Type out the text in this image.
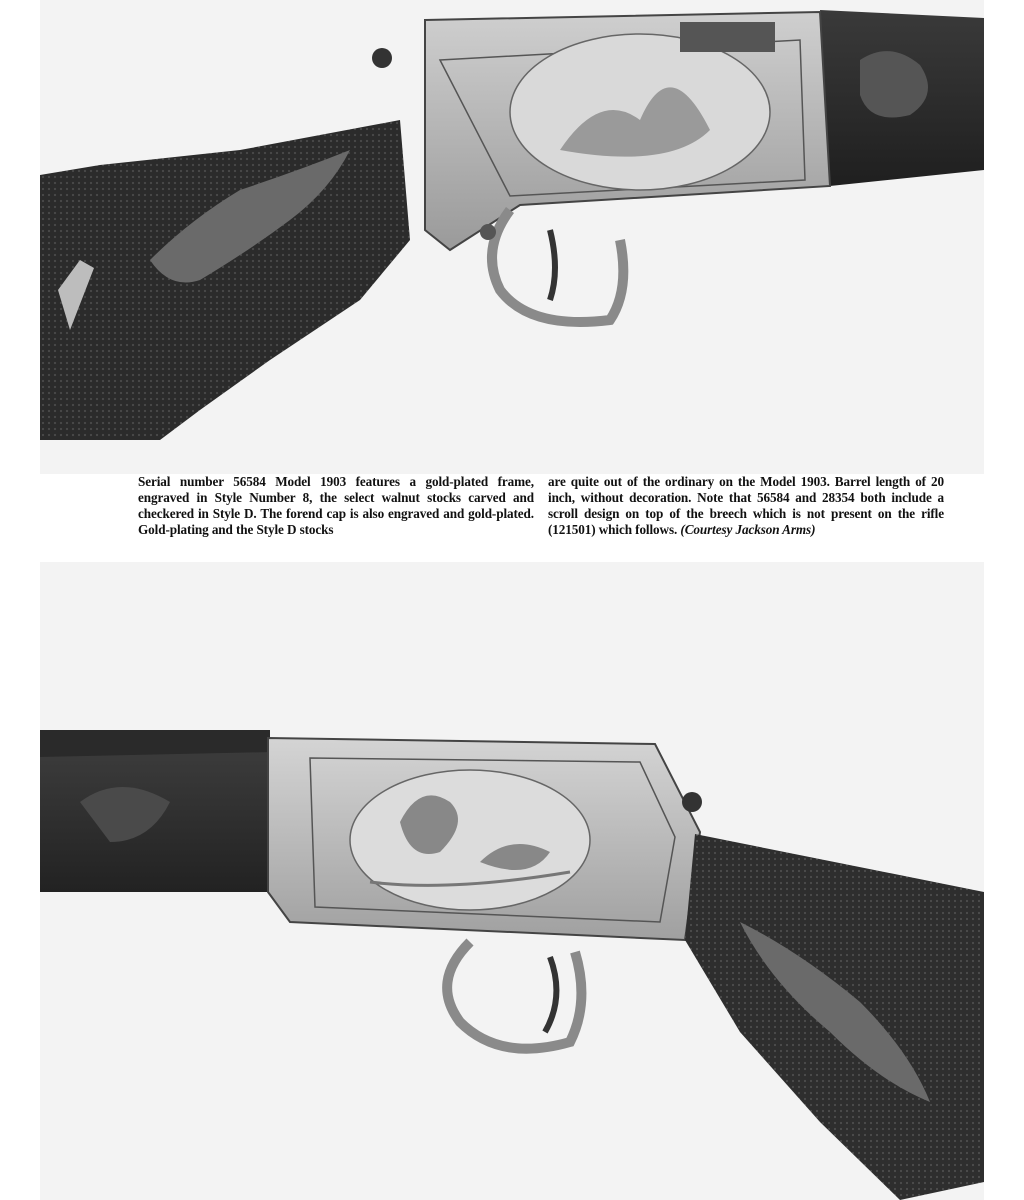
Serial number 56584 Model 1903 features a gold-plated frame, engraved in Style Number 8, the select walnut stocks carved and checkered in Style D. The forend cap is also engraved and gold-plated. Gold-plating and the Style D stocks
are quite out of the ordinary on the Model 1903. Barrel length of 20 inch, without decoration. Note that 56584 and 28354 both include a scroll design on top of the breech which is not present on the rifle (121501) which follows. (Courtesy Jackson Arms)
